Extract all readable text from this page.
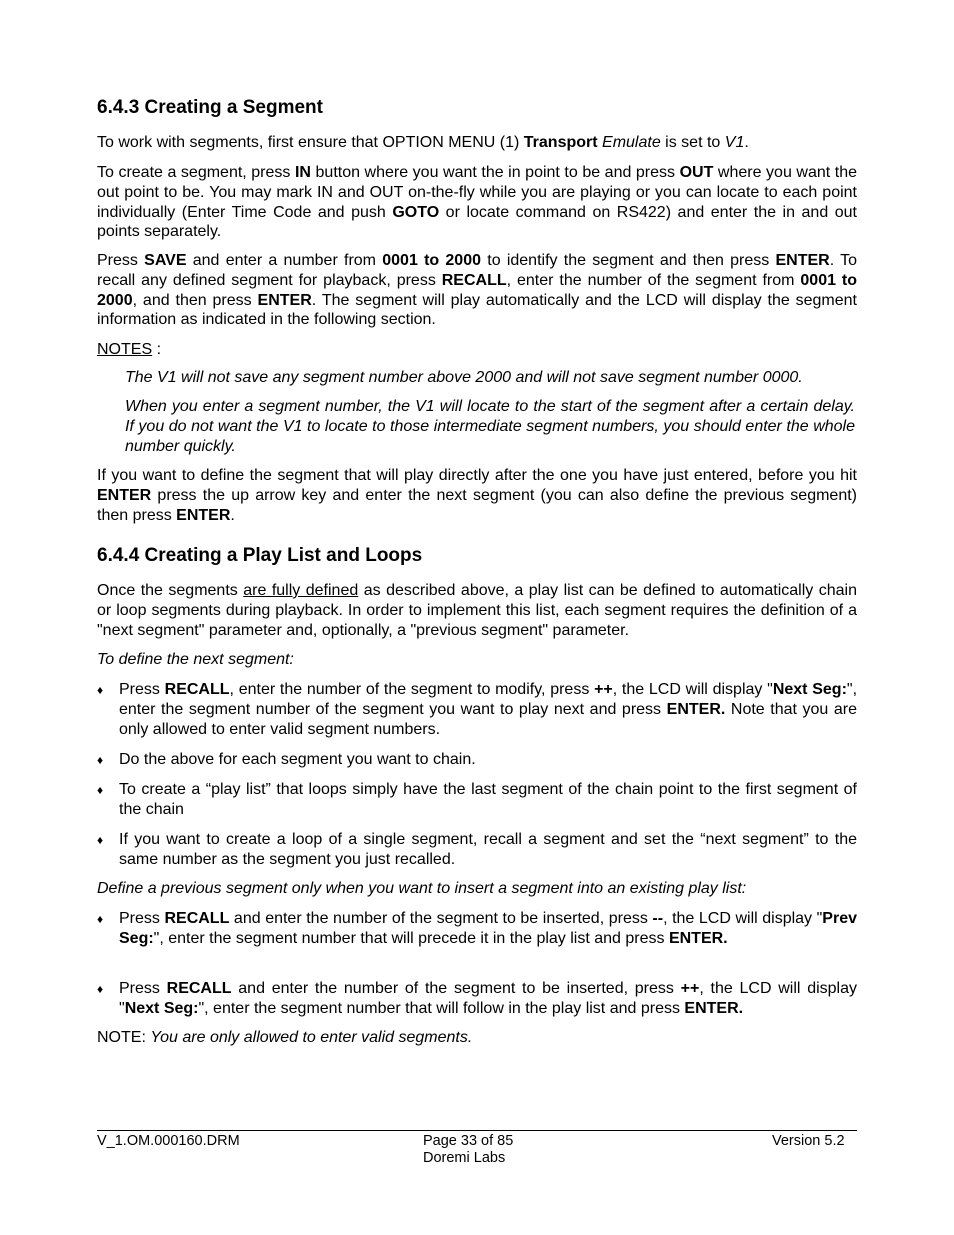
6.4.3 Creating a Segment

To work with segments, first ensure that OPTION MENU (1) Transport Emulate is set to V1.

To create a segment, press IN button where you want the in point to be and press OUT where you want the out point to be. You may mark IN and OUT on-the-fly while you are playing or you can locate to each point individually (Enter Time Code and push GOTO or locate command on RS422) and enter the in and out points separately.

Press SAVE and enter a number from 0001 to 2000 to identify the segment and then press ENTER. To recall any defined segment for playback, press RECALL, enter the number of the segment from 0001 to 2000, and then press ENTER. The segment will play automatically and the LCD will display the segment information as indicated in the following section.

NOTES :

The V1 will not save any segment number above 2000 and will not save segment number 0000.

When you enter a segment number, the V1 will locate to the start of the segment after a certain delay. If you do not want the V1 to locate to those intermediate segment numbers, you should enter the whole number quickly.

If you want to define the segment that will play directly after the one you have just entered, before you hit ENTER press the up arrow key and enter the next segment (you can also define the previous segment) then press ENTER.

6.4.4 Creating a Play List and Loops

Once the segments are fully defined as described above, a play list can be defined to automatically chain or loop segments during playback. In order to implement this list, each segment requires the definition of a "next segment" parameter and, optionally, a "previous segment" parameter.

To define the next segment:

♦ Press RECALL, enter the number of the segment to modify, press ++, the LCD will display "Next Seg:", enter the segment number of the segment you want to play next and press ENTER. Note that you are only allowed to enter valid segment numbers.
♦ Do the above for each segment you want to chain.
♦ To create a “play list” that loops simply have the last segment of the chain point to the first segment of the chain
♦ If you want to create a loop of a single segment, recall a segment and set the “next segment” to the same number as the segment you just recalled.

Define a previous segment only when you want to insert a segment into an existing play list:

♦ Press RECALL and enter the number of the segment to be inserted, press --, the LCD will display "Prev Seg:", enter the segment number that will precede it in the play list and press ENTER.
♦ Press RECALL and enter the number of the segment to be inserted, press ++, the LCD will display "Next Seg:", enter the segment number that will follow in the play list and press ENTER.

NOTE: You are only allowed to enter valid segments.

V_1.OM.000160.DRM	Page 33 of 85
Doremi Labs
Version 5.2
